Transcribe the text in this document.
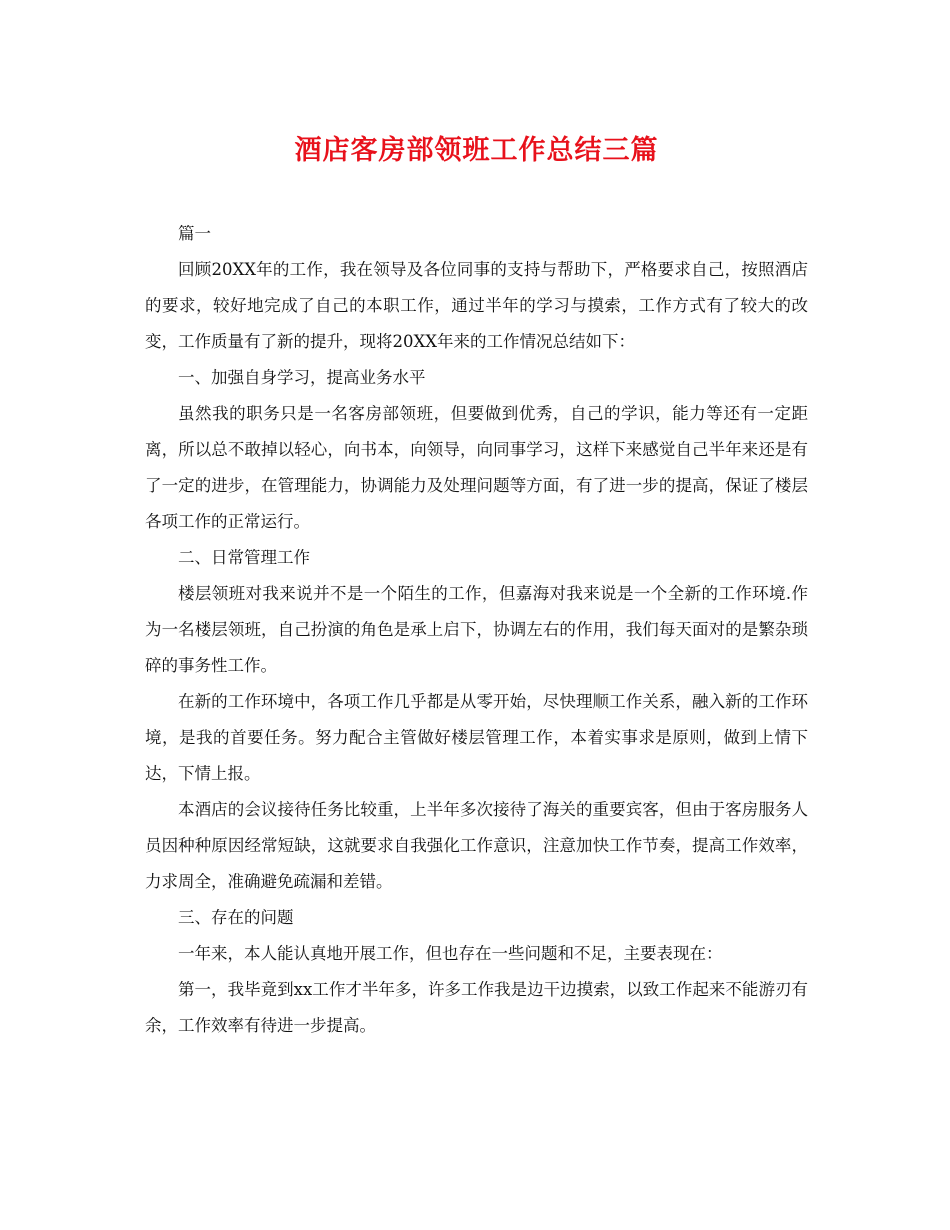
酒店客房部领班工作总结三篇

篇一

回顾20XX年的工作，我在领导及各位同事的支持与帮助下，严格要求自己，按照酒店的要求，较好地完成了自己的本职工作，通过半年的学习与摸索，工作方式有了较大的改变，工作质量有了新的提升，现将20XX年来的工作情况总结如下：

一、加强自身学习，提高业务水平

虽然我的职务只是一名客房部领班，但要做到优秀，自己的学识，能力等还有一定距离，所以总不敢掉以轻心，向书本，向领导，向同事学习，这样下来感觉自己半年来还是有了一定的进步，在管理能力，协调能力及处理问题等方面，有了进一步的提高，保证了楼层各项工作的正常运行。

二、日常管理工作

楼层领班对我来说并不是一个陌生的工作，但嘉海对我来说是一个全新的工作环境.作为一名楼层领班，自己扮演的角色是承上启下，协调左右的作用，我们每天面对的是繁杂琐碎的事务性工作。

在新的工作环境中，各项工作几乎都是从零开始，尽快理顺工作关系，融入新的工作环境，是我的首要任务。努力配合主管做好楼层管理工作，本着实事求是原则，做到上情下达，下情上报。

本酒店的会议接待任务比较重，上半年多次接待了海关的重要宾客，但由于客房服务人员因种种原因经常短缺，这就要求自我强化工作意识，注意加快工作节奏，提高工作效率，力求周全，准确避免疏漏和差错。

三、存在的问题

一年来，本人能认真地开展工作，但也存在一些问题和不足，主要表现在：

第一，我毕竟到xx工作才半年多，许多工作我是边干边摸索，以致工作起来不能游刃有余，工作效率有待进一步提高。
